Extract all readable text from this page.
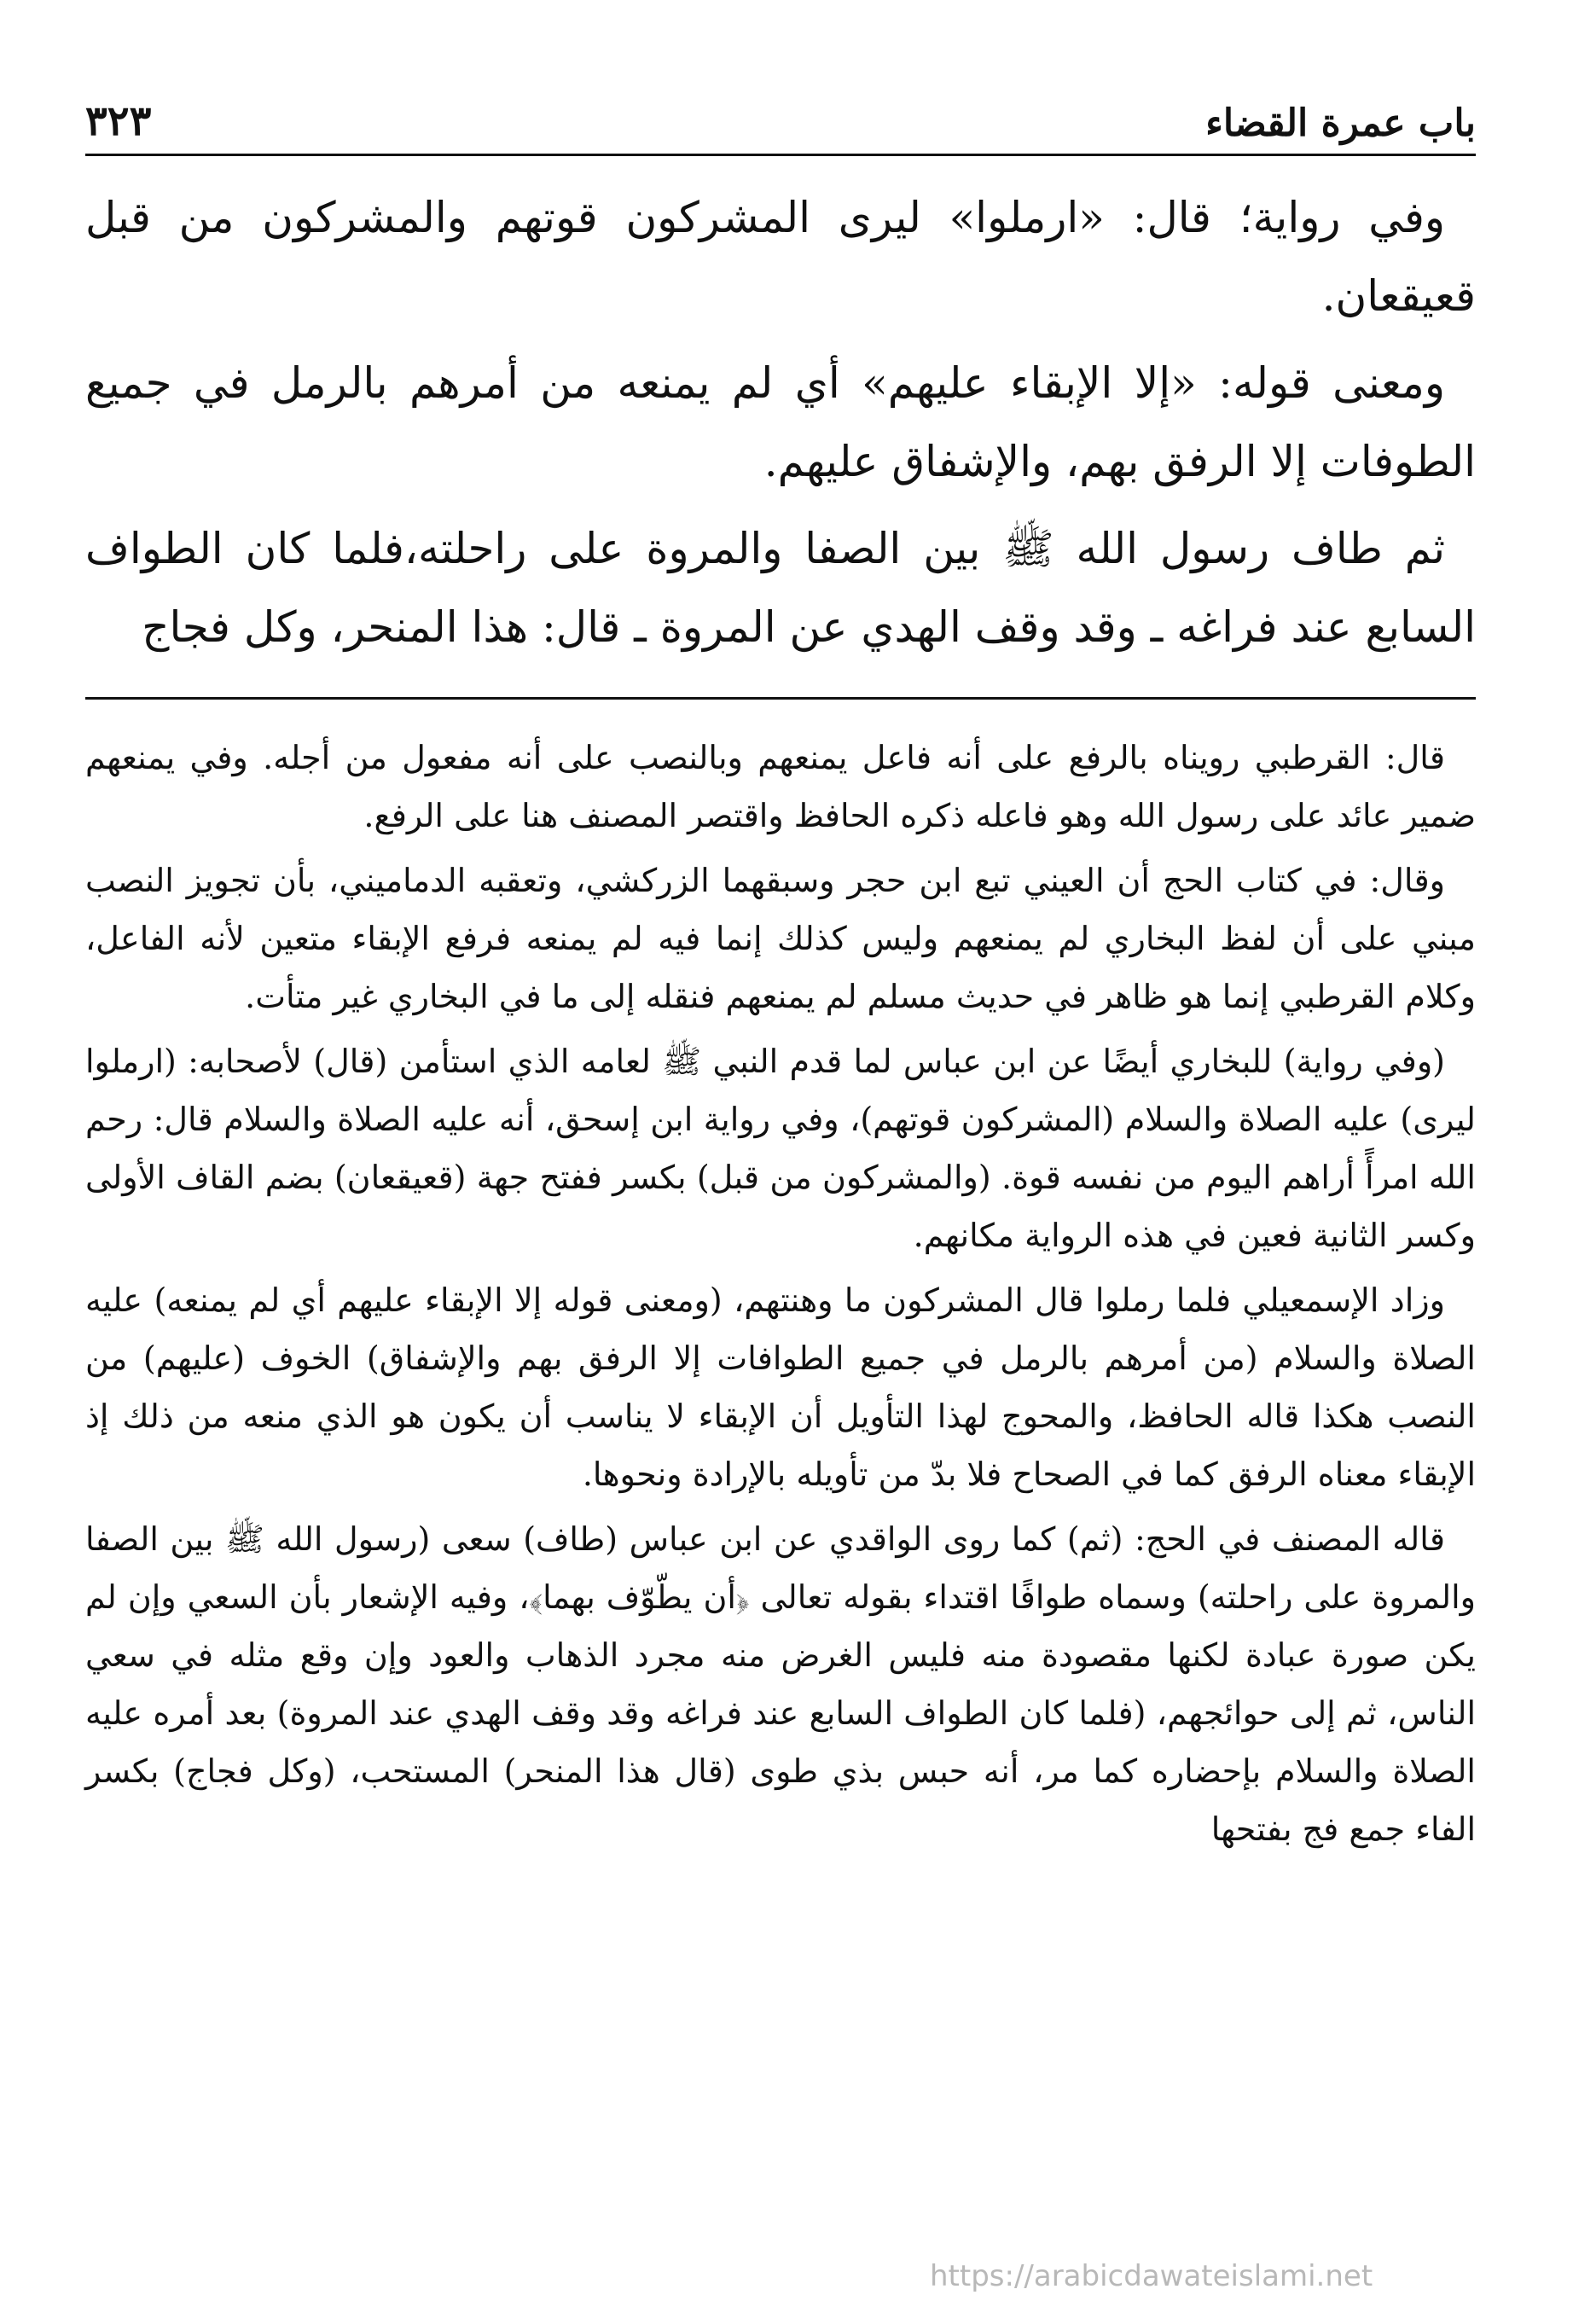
باب عمرة القضاء
٣٢٣

وفي رواية؛ قال: «ارملوا» ليرى المشركون قوتهم والمشركون من قبل قعيقعان.

ومعنى قوله: «إلا الإبقاء عليهم» أي لم يمنعه من أمرهم بالرمل في جميع الطوفات إلا الرفق بهم، والإشفاق عليهم.

ثم طاف رسول الله ﷺ بين الصفا والمروة على راحلته،فلما كان الطواف السابع عند فراغه ـ وقد وقف الهدي عن المروة ـ قال: هذا المنحر، وكل فجاج

قال: القرطبي رويناه بالرفع على أنه فاعل يمنعهم وبالنصب على أنه مفعول من أجله. وفي يمنعهم ضمير عائد على رسول الله وهو فاعله ذكره الحافظ واقتصر المصنف هنا على الرفع.

وقال: في كتاب الحج أن العيني تبع ابن حجر وسبقهما الزركشي، وتعقبه الدماميني، بأن تجويز النصب مبني على أن لفظ البخاري لم يمنعهم وليس كذلك إنما فيه لم يمنعه فرفع الإبقاء متعين لأنه الفاعل، وكلام القرطبي إنما هو ظاهر في حديث مسلم لم يمنعهم فنقله إلى ما في البخاري غير متأت.

(وفي رواية) للبخاري أيضًا عن ابن عباس لما قدم النبي ﷺ لعامه الذي استأمن (قال) لأصحابه: (ارملوا ليرى) عليه الصلاة والسلام (المشركون قوتهم)، وفي رواية ابن إسحق، أنه عليه الصلاة والسلام قال: رحم الله امرأً أراهم اليوم من نفسه قوة. (والمشركون من قبل) بكسر ففتح جهة (قعيقعان) بضم القاف الأولى وكسر الثانية فعين في هذه الرواية مكانهم.

وزاد الإسمعيلي فلما رملوا قال المشركون ما وهنتهم، (ومعنى قوله إلا الإبقاء عليهم أي لم يمنعه) عليه الصلاة والسلام (من أمرهم بالرمل في جميع الطوافات إلا الرفق بهم والإشفاق) الخوف (عليهم) من النصب هكذا قاله الحافظ، والمحوج لهذا التأويل أن الإبقاء لا يناسب أن يكون هو الذي منعه من ذلك إذ الإبقاء معناه الرفق كما في الصحاح فلا بدّ من تأويله بالإرادة ونحوها.

قاله المصنف في الحج: (ثم) كما روى الواقدي عن ابن عباس (طاف) سعى (رسول الله ﷺ بين الصفا والمروة على راحلته) وسماه طوافًا اقتداء بقوله تعالى ﴿أن يطّوّف بهما﴾، وفيه الإشعار بأن السعي وإن لم يكن صورة عبادة لكنها مقصودة منه فليس الغرض منه مجرد الذهاب والعود وإن وقع مثله في سعي الناس، ثم إلى حوائجهم، (فلما كان الطواف السابع عند فراغه وقد وقف الهدي عند المروة) بعد أمره عليه الصلاة والسلام بإحضاره كما مر، أنه حبس بذي طوى (قال هذا المنحر) المستحب، (وكل فجاج) بكسر الفاء جمع فج بفتحها

https://arabicdawateislami.net
